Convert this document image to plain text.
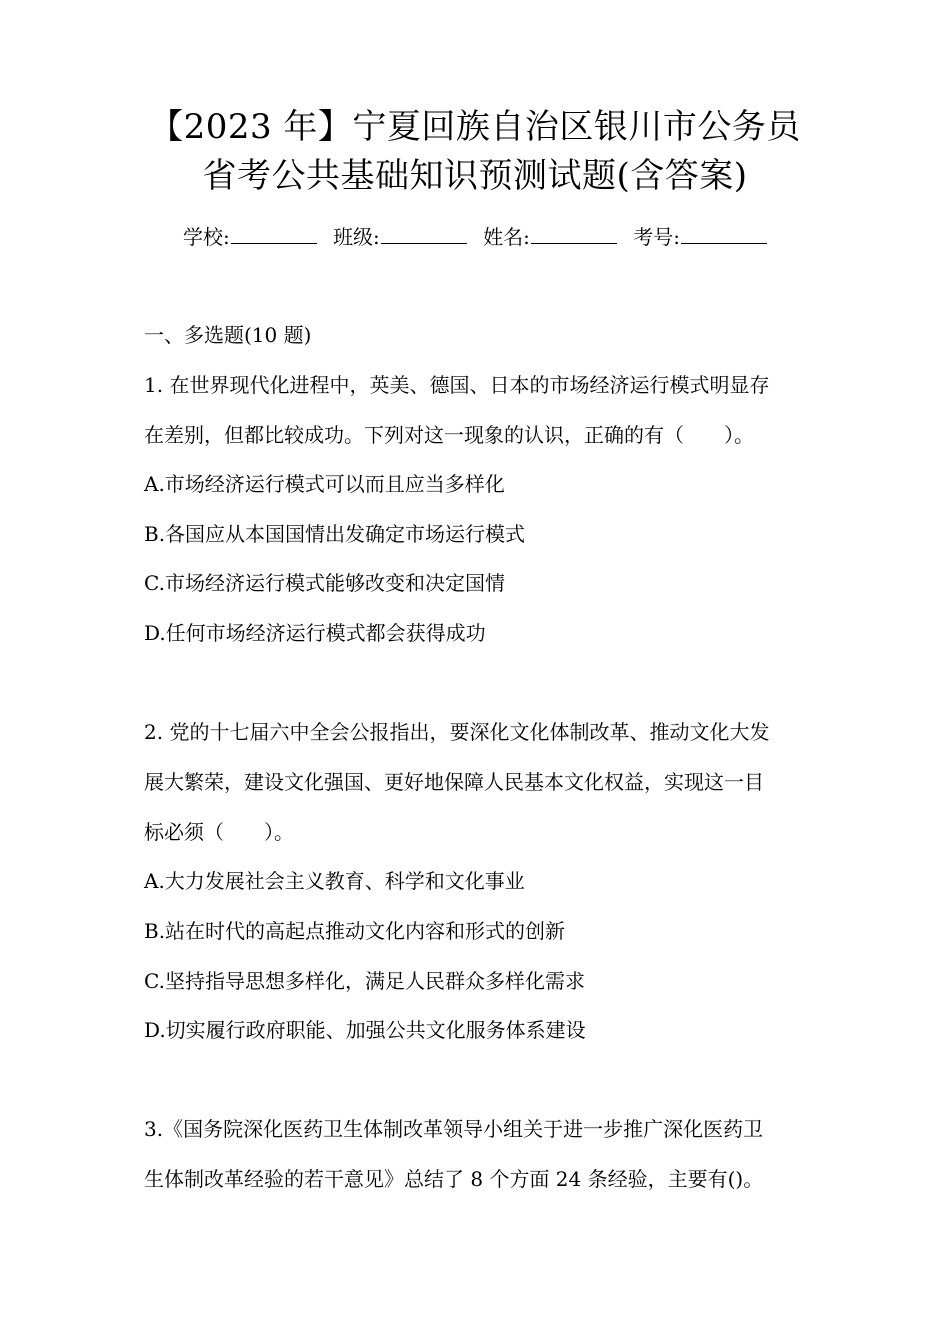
【2023 年】宁夏回族自治区银川市公务员
省考公共基础知识预测试题(含答案)
学校:	班级:	姓名:	考号:
一、多选题(10 题)
1. 在世界现代化进程中，英美、德国、日本的市场经济运行模式明显存
在差别，但都比较成功。下列对这一现象的认识，正确的有（　　）。
A.市场经济运行模式可以而且应当多样化
B.各国应从本国国情出发确定市场运行模式
C.市场经济运行模式能够改变和决定国情
D.任何市场经济运行模式都会获得成功
2. 党的十七届六中全会公报指出，要深化文化体制改革、推动文化大发
展大繁荣，建设文化强国、更好地保障人民基本文化权益，实现这一目
标必须（　　）。
A.大力发展社会主义教育、科学和文化事业
B.站在时代的高起点推动文化内容和形式的创新
C.坚持指导思想多样化，满足人民群众多样化需求
D.切实履行政府职能、加强公共文化服务体系建设
3.《国务院深化医药卫生体制改革领导小组关于进一步推广深化医药卫
生体制改革经验的若干意见》总结了 8 个方面 24 条经验，主要有()。
